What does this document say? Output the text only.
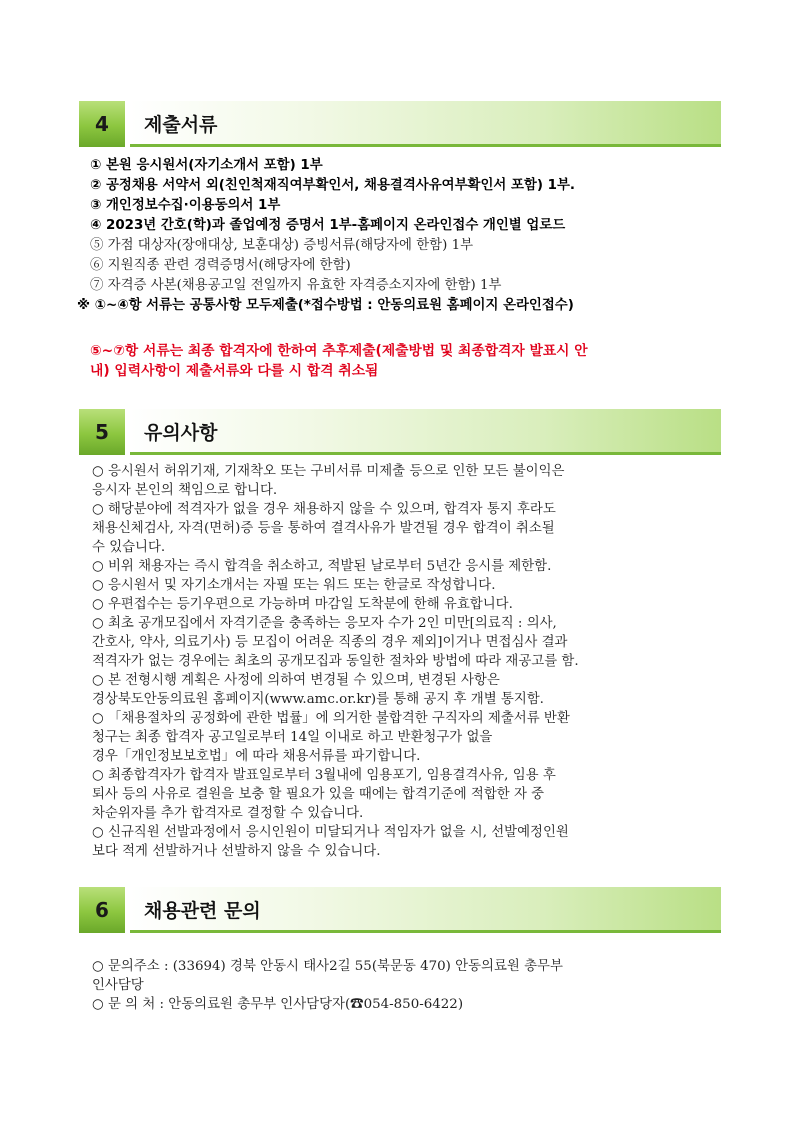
4	제출서류
① 본원 응시원서(자기소개서 포함) 1부
② 공정채용 서약서 외(친인척재직여부확인서, 채용결격사유여부확인서 포함) 1부.
③ 개인정보수집·이용동의서 1부
④ 2023년 간호(학)과 졸업예정 증명서 1부-홈페이지 온라인접수 개인별 업로드
⑤ 가점 대상자(장애대상, 보훈대상) 증빙서류(해당자에 한함) 1부
⑥ 지원직종 관련 경력증명서(해당자에 한함)
⑦ 자격증 사본(채용공고일 전일까지 유효한 자격증소지자에 한함) 1부
※ ①~④항 서류는 공통사항 모두제출(*접수방법 : 안동의료원 홈페이지 온라인접수)
⑤~⑦항 서류는 최종 합격자에 한하여 추후제출(제출방법 및 최종합격자 발표시 안
내) 입력사항이 제출서류와 다를 시 합격 취소됨
5	유의사항
○ 응시원서 허위기재, 기재착오 또는 구비서류 미제출 등으로 인한 모든 불이익은
응시자 본인의 책임으로 합니다.
○ 해당분야에 적격자가 없을 경우 채용하지 않을 수 있으며, 합격자 통지 후라도
채용신체검사, 자격(면허)증 등을 통하여 결격사유가 발견될 경우 합격이 취소될
수 있습니다.
○ 비위 채용자는 즉시 합격을 취소하고, 적발된 날로부터 5년간 응시를 제한함.
○ 응시원서 및 자기소개서는 자필 또는 워드 또는 한글로 작성합니다.
○ 우편접수는 등기우편으로 가능하며 마감일 도착분에 한해 유효합니다.
○ 최초 공개모집에서 자격기준을 충족하는 응모자 수가 2인 미만[의료직 : 의사,
간호사, 약사, 의료기사) 등 모집이 어려운 직종의 경우 제외]이거나 면접심사 결과
적격자가 없는 경우에는 최초의 공개모집과 동일한 절차와 방법에 따라 재공고를 함.
○ 본 전형시행 계획은 사정에 의하여 변경될 수 있으며, 변경된 사항은
경상북도안동의료원 홈페이지(www.amc.or.kr)를 통해 공지 후 개별 통지함.
○ 「채용절차의 공정화에 관한 법률」에 의거한 불합격한 구직자의 제출서류 반환
청구는 최종 합격자 공고일로부터 14일 이내로 하고 반환청구가 없을
경우「개인정보보호법」에 따라 채용서류를 파기합니다.
○ 최종합격자가 합격자 발표일로부터 3월내에 임용포기, 임용결격사유, 임용 후
퇴사 등의 사유로 결원을 보충 할 필요가 있을 때에는 합격기준에 적합한 자 중
차순위자를 추가 합격자로 결정할 수 있습니다.
○ 신규직원 선발과정에서 응시인원이 미달되거나 적임자가 없을 시, 선발예정인원
보다 적게 선발하거나 선발하지 않을 수 있습니다.
6	채용관련 문의
○ 문의주소 : (33694) 경북 안동시 태사2길 55(북문동 470) 안동의료원 총무부
인사담당
○ 문 의 처 : 안동의료원 총무부 인사담당자(☎054-850-6422)
